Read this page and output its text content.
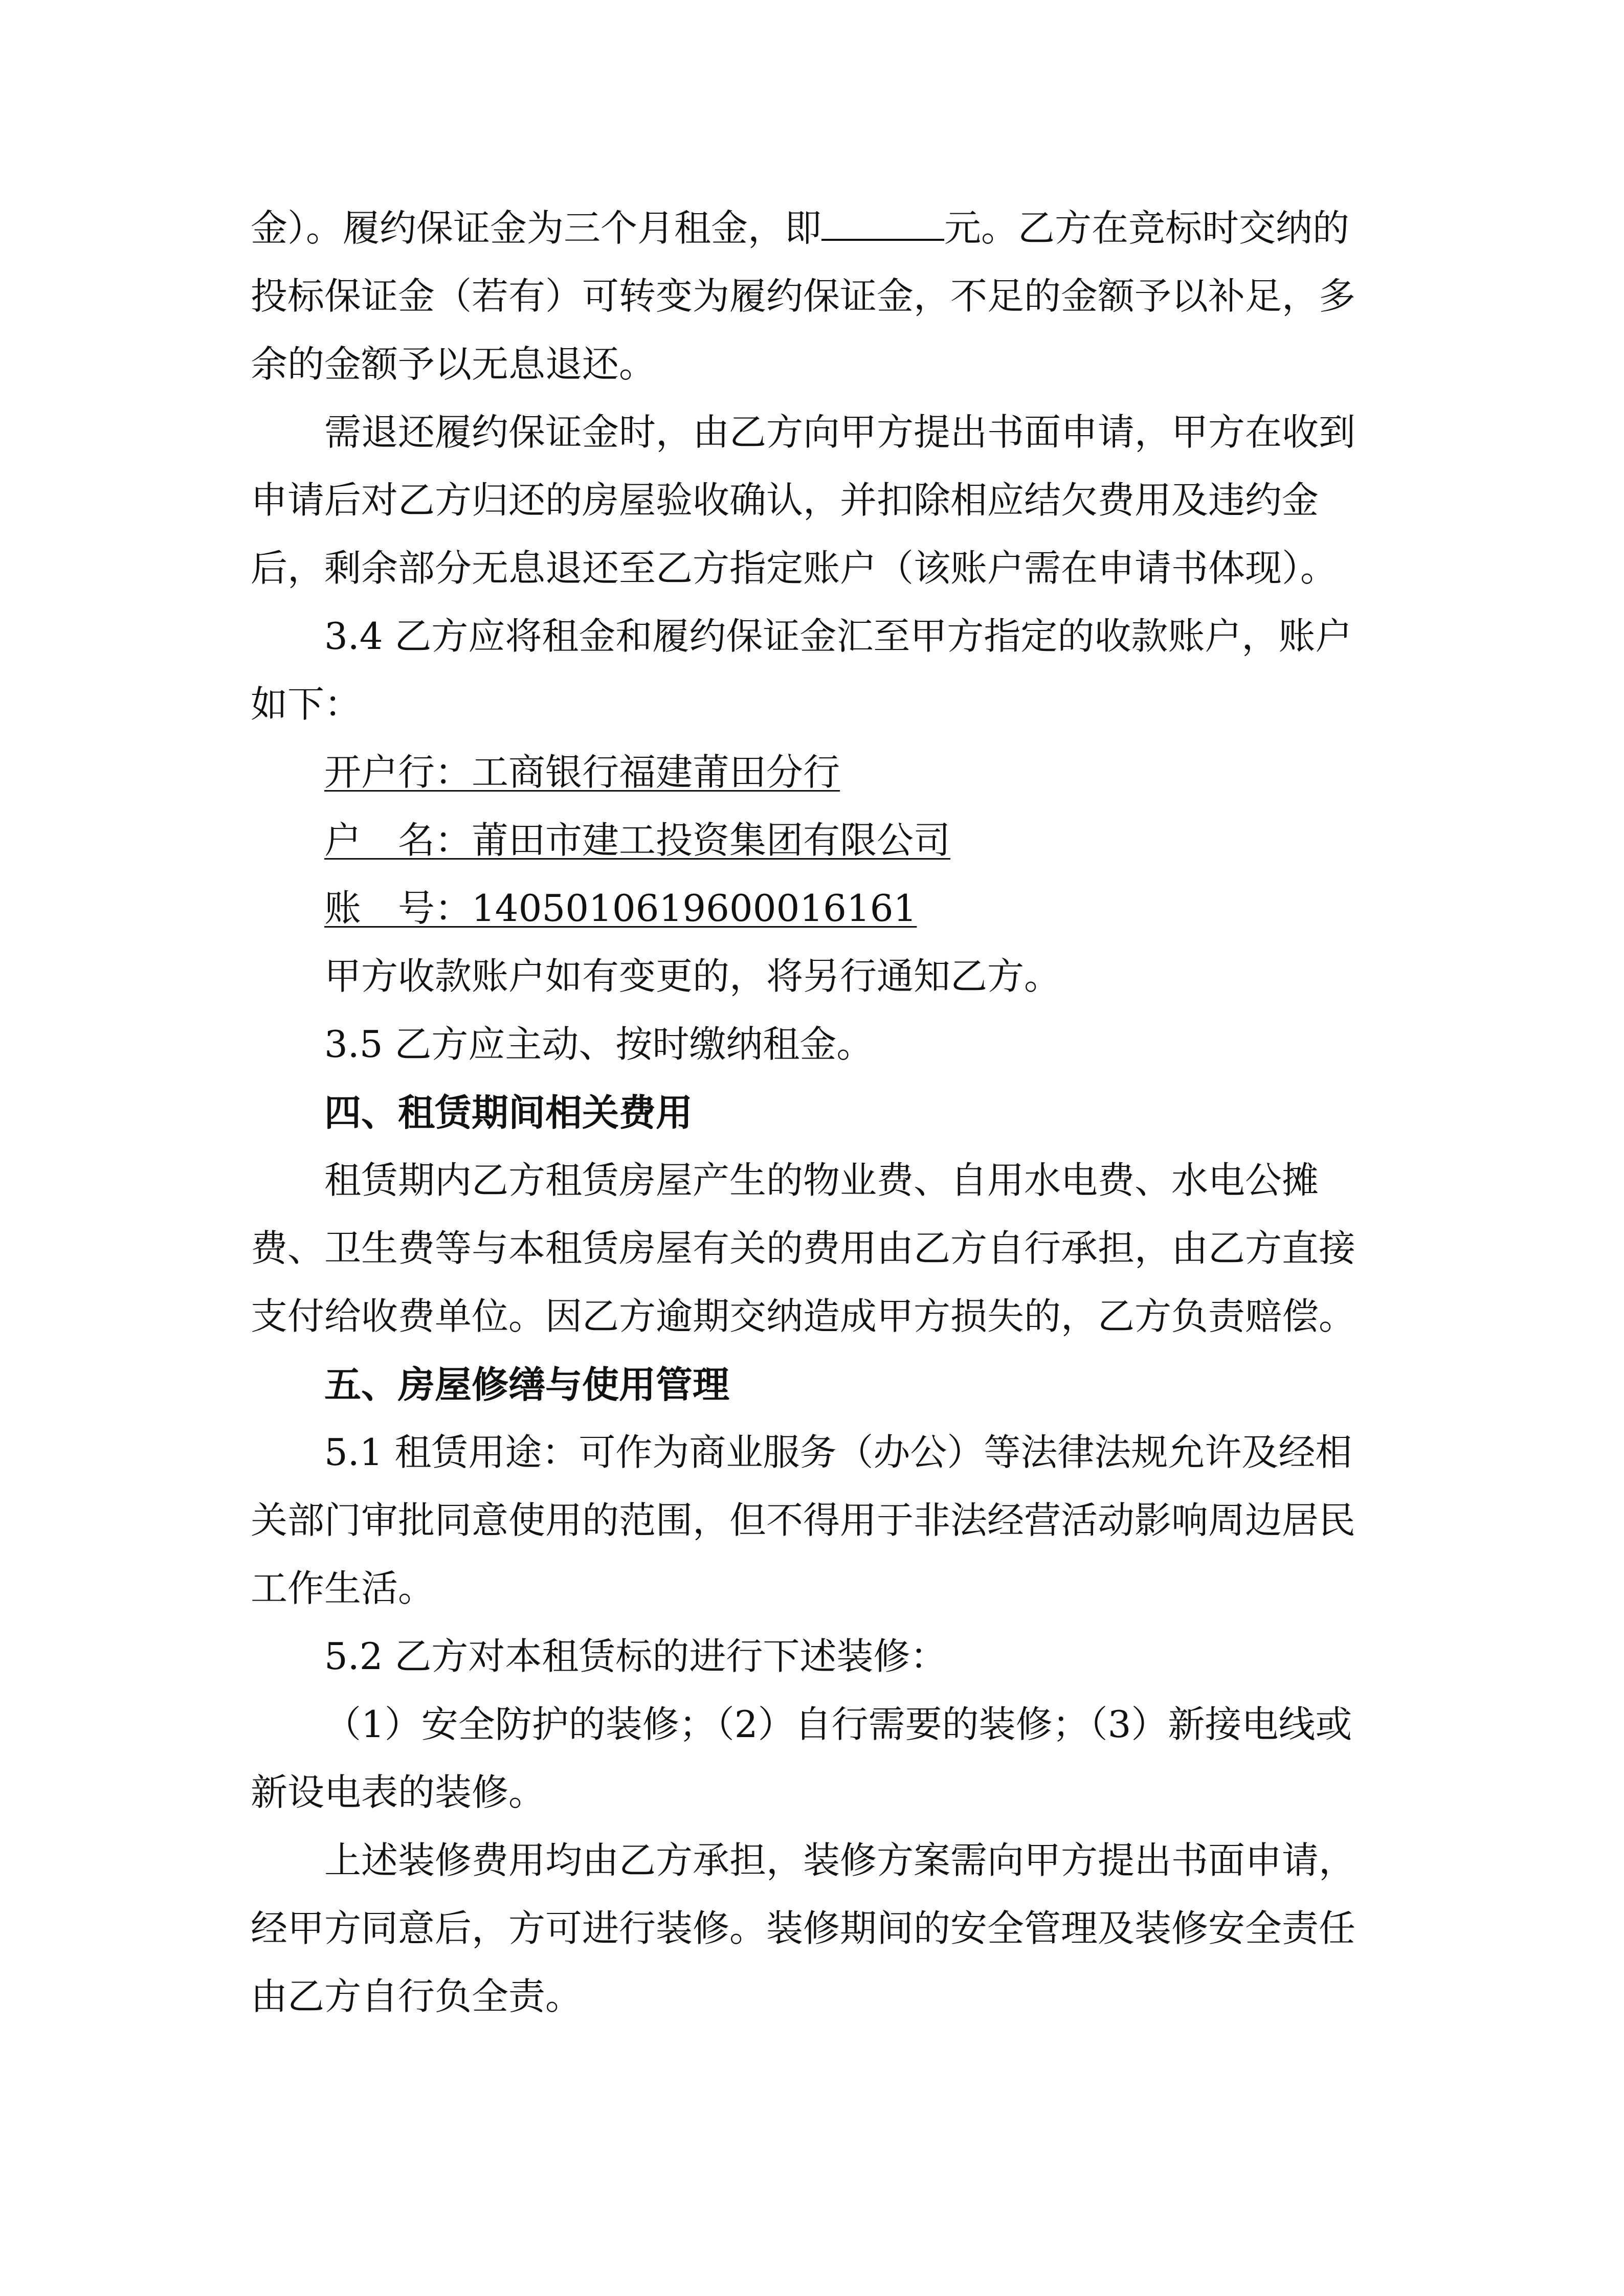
金）。履约保证金为三个月租金，即	元。乙方在竞标时交纳的投标保证金（若有）可转变为履约保证金，不足的金额予以补足，多余的金额予以无息退还。

需退还履约保证金时，由乙方向甲方提出书面申请，甲方在收到申请后对乙方归还的房屋验收确认，并扣除相应结欠费用及违约金后，剩余部分无息退还至乙方指定账户（该账户需在申请书体现）。

3.4 乙方应将租金和履约保证金汇至甲方指定的收款账户，账户如下：

开户行：工商银行福建莆田分行

户　名：莆田市建工投资集团有限公司

账　号：1405010619600016161

甲方收款账户如有变更的，将另行通知乙方。

3.5 乙方应主动、按时缴纳租金。

四、租赁期间相关费用

租赁期内乙方租赁房屋产生的物业费、自用水电费、水电公摊费、卫生费等与本租赁房屋有关的费用由乙方自行承担，由乙方直接支付给收费单位。因乙方逾期交纳造成甲方损失的，乙方负责赔偿。

五、房屋修缮与使用管理

5.1 租赁用途：可作为商业服务（办公）等法律法规允许及经相关部门审批同意使用的范围，但不得用于非法经营活动影响周边居民工作生活。

5.2 乙方对本租赁标的进行下述装修：

（1）安全防护的装修；（2）自行需要的装修；（3）新接电线或新设电表的装修。

上述装修费用均由乙方承担，装修方案需向甲方提出书面申请，经甲方同意后，方可进行装修。装修期间的安全管理及装修安全责任由乙方自行负全责。
